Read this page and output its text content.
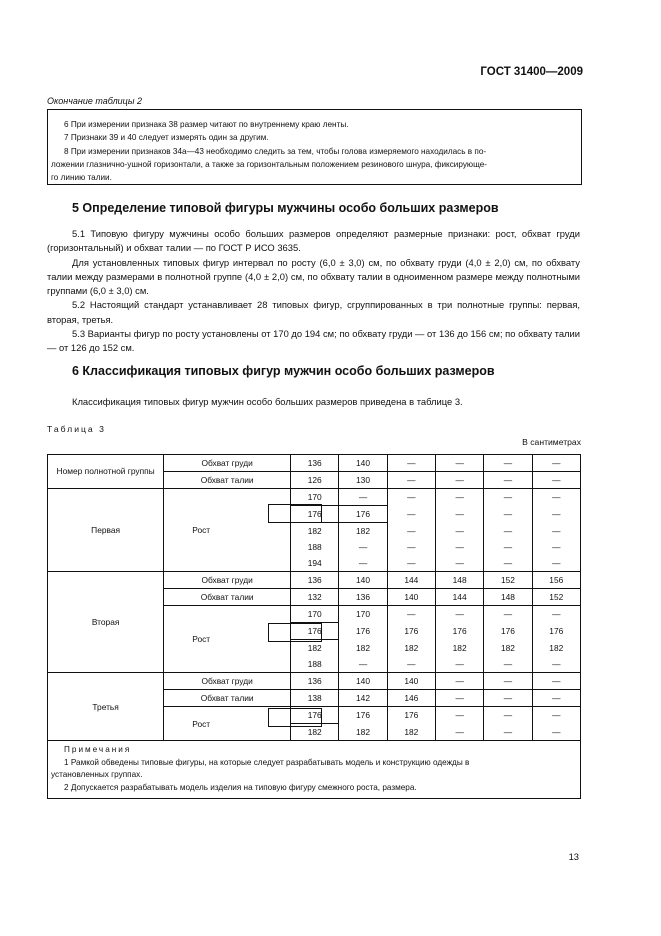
ГОСТ 31400—2009
Окончание таблицы 2

6 При измерении признака 38 размер читают по внутреннему краю ленты.

7 Признаки 39 и 40 следует измерять один за другим.

8 При измерении признаков 34а—43 необходимо следить за тем, чтобы голова измеряемого находилась в по-

ложении глазнично-ушной горизонтали, а также за горизонтальным положением резинового шнура, фиксирующе-

го линию талии.

5 Определение типовой фигуры мужчины особо больших размеров
5.1 Типовую фигуру мужчины особо больших размеров определяют размерные признаки: рост, обхват груди (горизонтальный) и обхват талии — по ГОСТ Р ИСО 3635.
Для установленных типовых фигур интервал по росту (6,0 ± 3,0) см, по обхвату груди (4,0 ± 2,0) см, по обхвату талии между размерами в полнотной группе (4,0 ± 2,0) см, по обхвату талии в одноименном размере между полнотными группами (6,0 ± 3,0) см.
5.2 Настоящий стандарт устанавливает 28 типовых фигур, сгруппированных в три полнотные группы: первая, вторая, третья.
5.3 Варианты фигур по росту установлены от 170 до 194 см; по обхвату груди — от 136 до 156 см; по обхвату талии — от 126 до 152 см.
6 Классификация типовых фигур мужчин особо больших размеров
Классификация типовых фигур мужчин особо больших размеров приведена в таблице 3.
Таблица 3
В сантиметрах
Номер полнотной группы	Обхват груди	136	140	—	—	—	—
	Обхват талии	126	130	—	—	—	—
Первая	Рост	170	—	—	—	—	—
		176	176	—	—	—	—
		182	182	—	—	—	—
		188	—	—	—	—	—
		194	—	—	—	—	—
Вторая	Обхват груди	136	140	144	148	152	156
	Обхват талии	132	136	140	144	148	152
	Рост	170	170	—	—	—	—
		176	176	176	176	176	176
		182	182	182	182	182	182
		188	—	—	—	—	—
Третья	Обхват груди	136	140	140	—	—	—
	Обхват талии	138	142	146	—	—	—
	Рост	176	176	176	—	—	—
		182	182	182	—	—	—
Примечания
1 Рамкой обведены типовые фигуры, на которые следует разрабатывать модель и конструкцию одежды в
установленных группах.
2 Допускается разрабатывать модель изделия на типовую фигуру смежного роста, размера.
13
